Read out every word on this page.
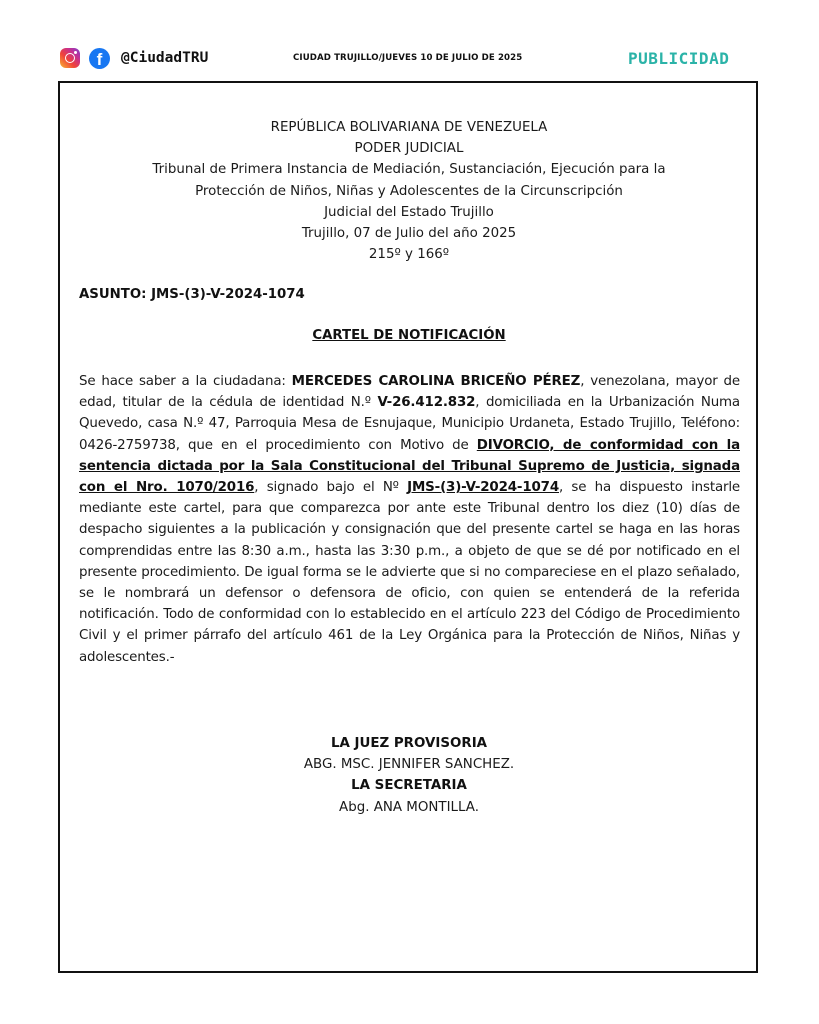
f	@CiudadTRU	CIUDAD TRUJILLO/JUEVES 10 DE JULIO DE 2025	PUBLICIDAD
REPÚBLICA BOLIVARIANA DE VENEZUELA
PODER JUDICIAL
Tribunal de Primera Instancia de Mediación, Sustanciación, Ejecución para la
Protección de Niños, Niñas y Adolescentes de la Circunscripción
Judicial del Estado Trujillo
Trujillo, 07 de Julio del año 2025
215º y 166º
ASUNTO: JMS-(3)-V-2024-1074
CARTEL DE NOTIFICACIÓN
Se hace saber a la ciudadana: MERCEDES CAROLINA BRICEÑO PÉREZ, venezolana, mayor de edad, titular de la cédula de identidad N.º V-26.412.832, domiciliada en la Urbanización Numa Quevedo, casa N.º 47, Parroquia Mesa de Esnujaque, Municipio Urdaneta, Estado Trujillo, Teléfono: 0426-2759738, que en el procedimiento con Motivo de DIVORCIO, de conformidad con la sentencia dictada por la Sala Constitucional del Tribunal Supremo de Justicia, signada con el Nro. 1070/2016, signado bajo el Nº JMS-(3)-V-2024-1074, se ha dispuesto instarle mediante este cartel, para que comparezca por ante este Tribunal dentro los diez (10) días de despacho siguientes a la publicación y consignación que del presente cartel se haga en las horas comprendidas entre las 8:30 a.m., hasta las 3:30 p.m., a objeto de que se dé por notificado en el presente procedimiento. De igual forma se le advierte que si no compareciese en el plazo señalado, se le nombrará un defensor o defensora de oficio, con quien se entenderá de la referida notificación. Todo de conformidad con lo establecido en el artículo 223 del Código de Procedimiento Civil y el primer párrafo del artículo 461 de la Ley Orgánica para la Protección de Niños, Niñas y adolescentes.-
LA JUEZ PROVISORIA
ABG. MSC. JENNIFER SANCHEZ.
LA SECRETARIA
Abg. ANA MONTILLA.
